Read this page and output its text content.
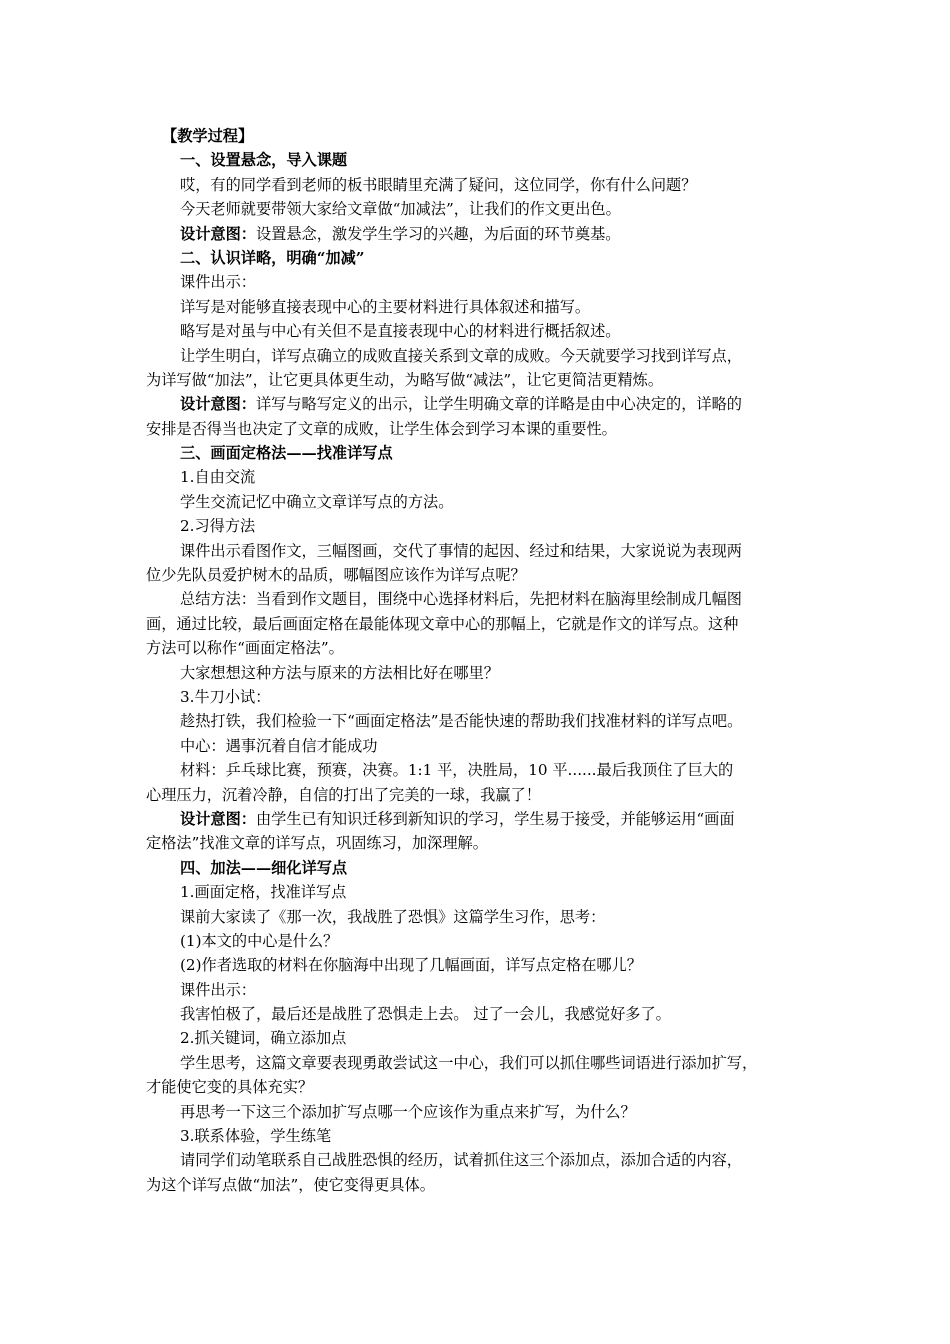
【教学过程】
一、设置悬念，导入课题
哎，有的同学看到老师的板书眼睛里充满了疑问，这位同学，你有什么问题？
今天老师就要带领大家给文章做“加减法”，让我们的作文更出色。
设计意图：设置悬念，激发学生学习的兴趣，为后面的环节奠基。
二、认识详略，明确“加减”
课件出示：
详写是对能够直接表现中心的主要材料进行具体叙述和描写。
略写是对虽与中心有关但不是直接表现中心的材料进行概括叙述。
让学生明白，详写点确立的成败直接关系到文章的成败。今天就要学习找到详写点，
为详写做“加法”，让它更具体更生动，为略写做“减法”，让它更简洁更精炼。
设计意图：详写与略写定义的出示，让学生明确文章的详略是由中心决定的，详略的
安排是否得当也决定了文章的成败，让学生体会到学习本课的重要性。
三、画面定格法——找准详写点
1.自由交流
学生交流记忆中确立文章详写点的方法。
2.习得方法
课件出示看图作文，三幅图画，交代了事情的起因、经过和结果，大家说说为表现两
位少先队员爱护树木的品质，哪幅图应该作为详写点呢？
总结方法：当看到作文题目，围绕中心选择材料后，先把材料在脑海里绘制成几幅图
画，通过比较，最后画面定格在最能体现文章中心的那幅上，它就是作文的详写点。这种
方法可以称作“画面定格法”。
大家想想这种方法与原来的方法相比好在哪里？
3.牛刀小试：
趁热打铁，我们检验一下“画面定格法”是否能快速的帮助我们找准材料的详写点吧。
中心：遇事沉着自信才能成功
材料：乒乓球比赛，预赛，决赛。1:1 平，决胜局，10 平......最后我顶住了巨大的
心理压力，沉着冷静，自信的打出了完美的一球，我赢了！
设计意图：由学生已有知识迁移到新知识的学习，学生易于接受，并能够运用“画面
定格法”找准文章的详写点，巩固练习，加深理解。
四、加法——细化详写点
1.画面定格，找准详写点
课前大家读了《那一次，我战胜了恐惧》这篇学生习作，思考：
(1)本文的中心是什么？
(2)作者选取的材料在你脑海中出现了几幅画面，详写点定格在哪儿？
课件出示：
我害怕极了，最后还是战胜了恐惧走上去。 过了一会儿，我感觉好多了。
2.抓关键词，确立添加点
学生思考，这篇文章要表现勇敢尝试这一中心，我们可以抓住哪些词语进行添加扩写，
才能使它变的具体充实？
再思考一下这三个添加扩写点哪一个应该作为重点来扩写，为什么？
3.联系体验，学生练笔
请同学们动笔联系自己战胜恐惧的经历，试着抓住这三个添加点，添加合适的内容，
为这个详写点做“加法”，使它变得更具体。
